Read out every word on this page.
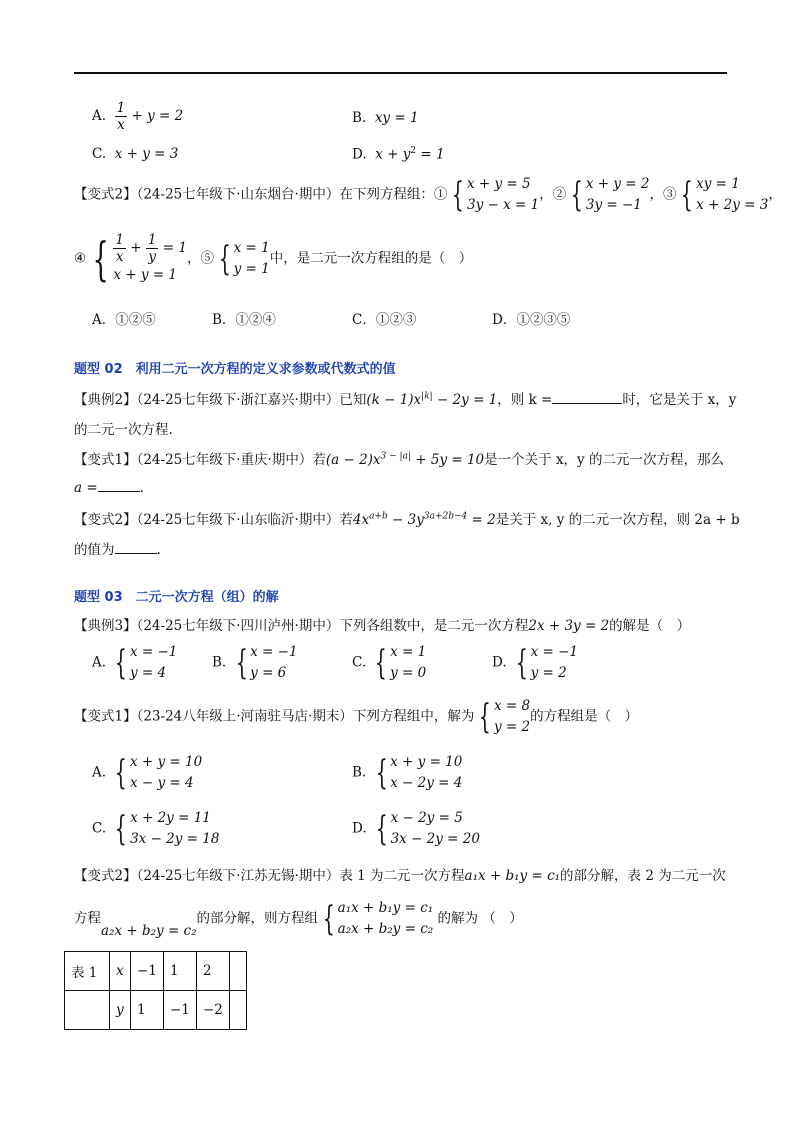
A. $\frac{1}{x} + y = 2$	B. xy = 1
C. x + y = 3	D. $x + y^2 = 1$
【变式2】（24-25七年级下·山东烟台·期中）在下列方程组：① { x + y = 5
3y − x = 1
，② { x + y = 2
3y = −1
，③ { xy = 1
x + 2y = 3
，
④ { $\frac{1}{x} + \frac{1}{y} = 1$
x + y = 1
，⑤ { x = 1
y = 1
中，是二元一次方程组的是（　）
A．①②⑤	B．①②④	C．①②③	D．①②③⑤
题型 02　利用二元一次方程的定义求参数或代数式的值
【典例2】（24-25七年级下·浙江嘉兴·期中）已知$(k - 1)x^{|k|} - 2y = 1$，则 k =	时，它是关于 x，y
的二元一次方程.
【变式1】（24-25七年级下·重庆·期中）若$(a - 2)x^{3 - |a|} + 5y = 10$是一个关于 x，y 的二元一次方程，那么
a =	.
【变式2】（24-25七年级下·山东临沂·期中）若$4x^{a+b} - 3y^{3a+2b-4} = 2$是关于 x, y 的二元一次方程，则 2a + b
的值为	.
题型 03　二元一次方程（组）的解
【典例3】（24-25七年级下·四川泸州·期中）下列各组数中，是二元一次方程2x + 3y = 2的解是（　）
A. { x = −1
y = 4
B. { x = −1
y = 6
C. { x = 1
y = 0
D. { x = −1
y = 2
【变式1】（23-24八年级上·河南驻马店·期末）下列方程组中，解为 { x = 8
y = 2
的方程组是（　）
A. { x + y = 10
x − y = 4
B. { x + y = 10
x − 2y = 4
C. { x + 2y = 11
3x − 2y = 18
D. { x − 2y = 5
3x − 2y = 20
【变式2】（24-25七年级下·江苏无锡·期中）表 1 为二元一次方程a₁x + b₁y = c₁的部分解，表 2 为二元一次
方程a₂x + b₂y = c₂的部分解，则方程组 { a₁x + b₁y = c₁
a₂x + b₂y = c₂
的解为 （　）
表 1	x	−1	1	2	
	y	1	−1	−2	
